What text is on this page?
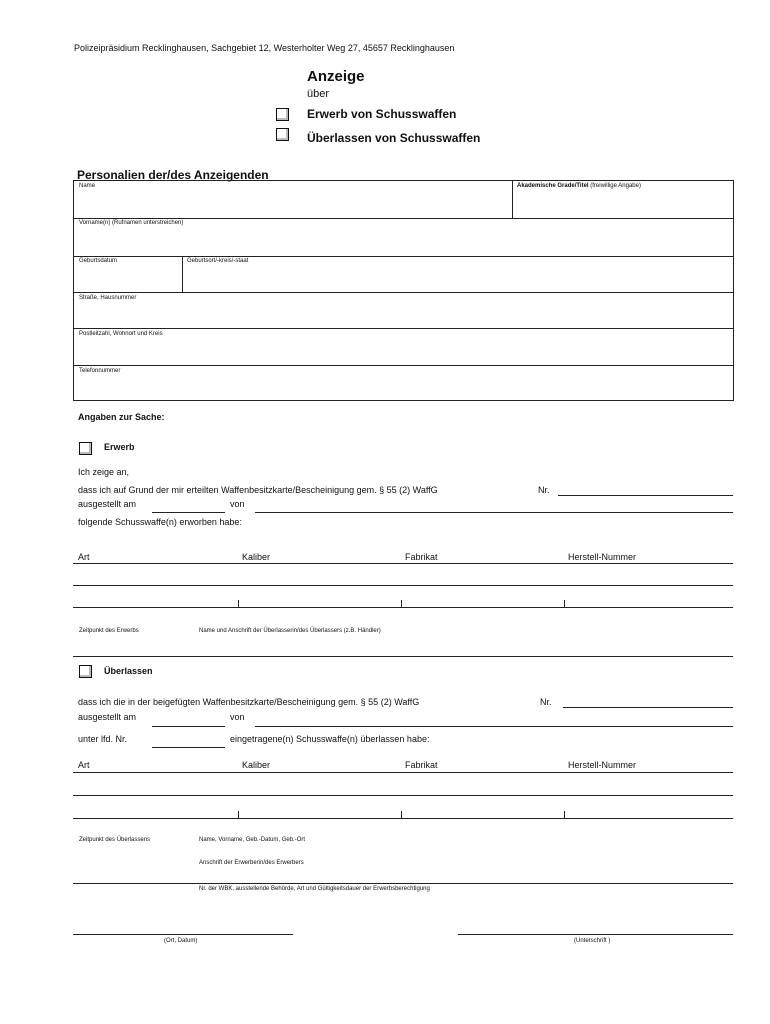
Polizeipräsidium Recklinghausen, Sachgebiet 12, Westerholter Weg 27, 45657 Recklinghausen
Anzeige
über
Erwerb von Schusswaffen
Überlassen von Schusswaffen
Personalien der/des Anzeigenden
Name	Akademische Grade/Titel (freiwillige Angabe)
Vorname(n) (Rufnamen unterstreichen)
Geburtsdatum	Geburtsort/-kreis/-staat
Straße, Hausnummer
Postleitzahl, Wohnort und Kreis
Telefonnummer
Angaben zur Sache:
Erwerb
Ich zeige an,
dass ich auf Grund der mir erteilten Waffenbesitzkarte/Bescheinigung gem. § 55 (2) WaffG	Nr.
ausgestellt am	von
folgende Schusswaffe(n) erworben habe:
Art	Kaliber	Fabrikat	Herstell-Nummer
Zeitpunkt des Erwerbs	Name und Anschrift der Überlasserin/des Überlassers (z.B. Händler)
Überlassen
dass ich die in der beigefügten Waffenbesitzkarte/Bescheinigung gem. § 55 (2) WaffG	Nr.
ausgestellt am	von
unter lfd. Nr.	eingetragene(n) Schusswaffe(n) überlassen habe:
Art	Kaliber	Fabrikat	Herstell-Nummer
Zeitpunkt des Überlassens	Name, Vorname, Geb.-Datum, Geb.-Ort
Anschrift der Erwerberin/des Erwerbers
Nr. der WBK, ausstellende Behörde, Art und Gültigkeitsdauer der Erwerbsberechtigung
(Ort, Datum)	(Unterschrift )
